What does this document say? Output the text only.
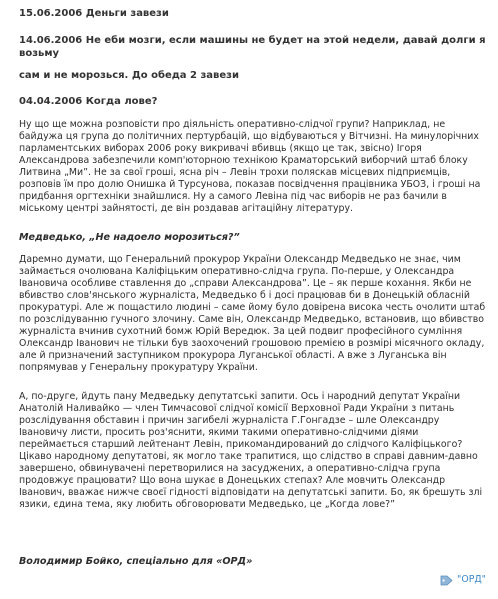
15.06.2006 Деньги завези

14.06.2006 Не еби мозги, если машины не будет на этой недели, давай долги я возьму

сам и не морозься. До обеда 2 завези

04.04.2006 Когда лове?

Ну що ще можна розповісти про діяльність оперативно-слідчої групи? Наприклад, не байдужа ця група до політичних пертурбацій, що відбуваються у Вітчизні. На минулорічних парламентських виборах 2006 року викривачі вбивць (якщо це так, звісно) Ігоря Александрова забезпечили комп'юторною технікою Краматорський виборчий штаб блоку Литвина „Ми”. Не за свої гроші, ясна річ – Левін трохи поляскав місцевих підприємців, розповів їм про долю Онишка й Турсунова, показав посвідчення працівника УБОЗ, і гроші на придбання оргтехніки знайшлися. Ну а самого Левіна під час виборів не раз бачили в міському центрі зайнятості, де він роздавав агітаційну літературу.

Медведько, „Не надоело морозиться?”

Даремно думати, що Генеральний прокурор України Олександр Медведько не знає, чим займається очолювана Каліфіцьким оперативно-слідча група. По-перше, у Олександра Івановича особливе ставлення до „справи Александрова”. Це – як перше кохання. Якби не вбивство слов'янського журналіста, Медведько б і досі працював би в Донецькій обласній прокуратурі. Але ж пощастило людині – саме йому було довірена висока честь очолити штаб по розслідуванню гучного злочину. Саме він, Олександр Медведько, встановив, що вбивство журналіста вчинив сухотний бомж Юрій Вередюк. За цей подвиг професійного сумління Олександр Іванович не тільки був заохочений грошовою премією в розмірі місячного окладу, але й призначений заступником прокурора Луганської області. А вже з Луганська він попрямував у Генеральну прокуратуру України.

А, по-друге, йдуть пану Медведьку депутатські запити. Ось і народний депутат України Анатолій Наливайко — член Тимчасової слідчої комісії Верховної Ради України з питань розслідування обставин і причин загибелі журналіста Г.Гонгадзе – шле Олександру Івановичу листи, просить роз'яснити, якими такими оперативно-слідчими діями переймається старший лейтенант Левін, прикомандирований до слідчого Каліфіцького? Цікаво народному депутатові, як могло таке трапитися, що слідство в справі давним-давно завершено, обвинувачені перетворилися на засуджених, а оперативно-слідча група продовжує працювати? Що вона шукає в Донецьких степах? Але мовчить Олександр Іванович, вважає нижче своєї гідності відповідати на депутатські запити. Бо, як брешуть злі язики, єдина тема, яку любить обговорювати Медведько, це „Когда лове?”

Володимир Бойко, спеціально для «ОРД»

"ОРД"
